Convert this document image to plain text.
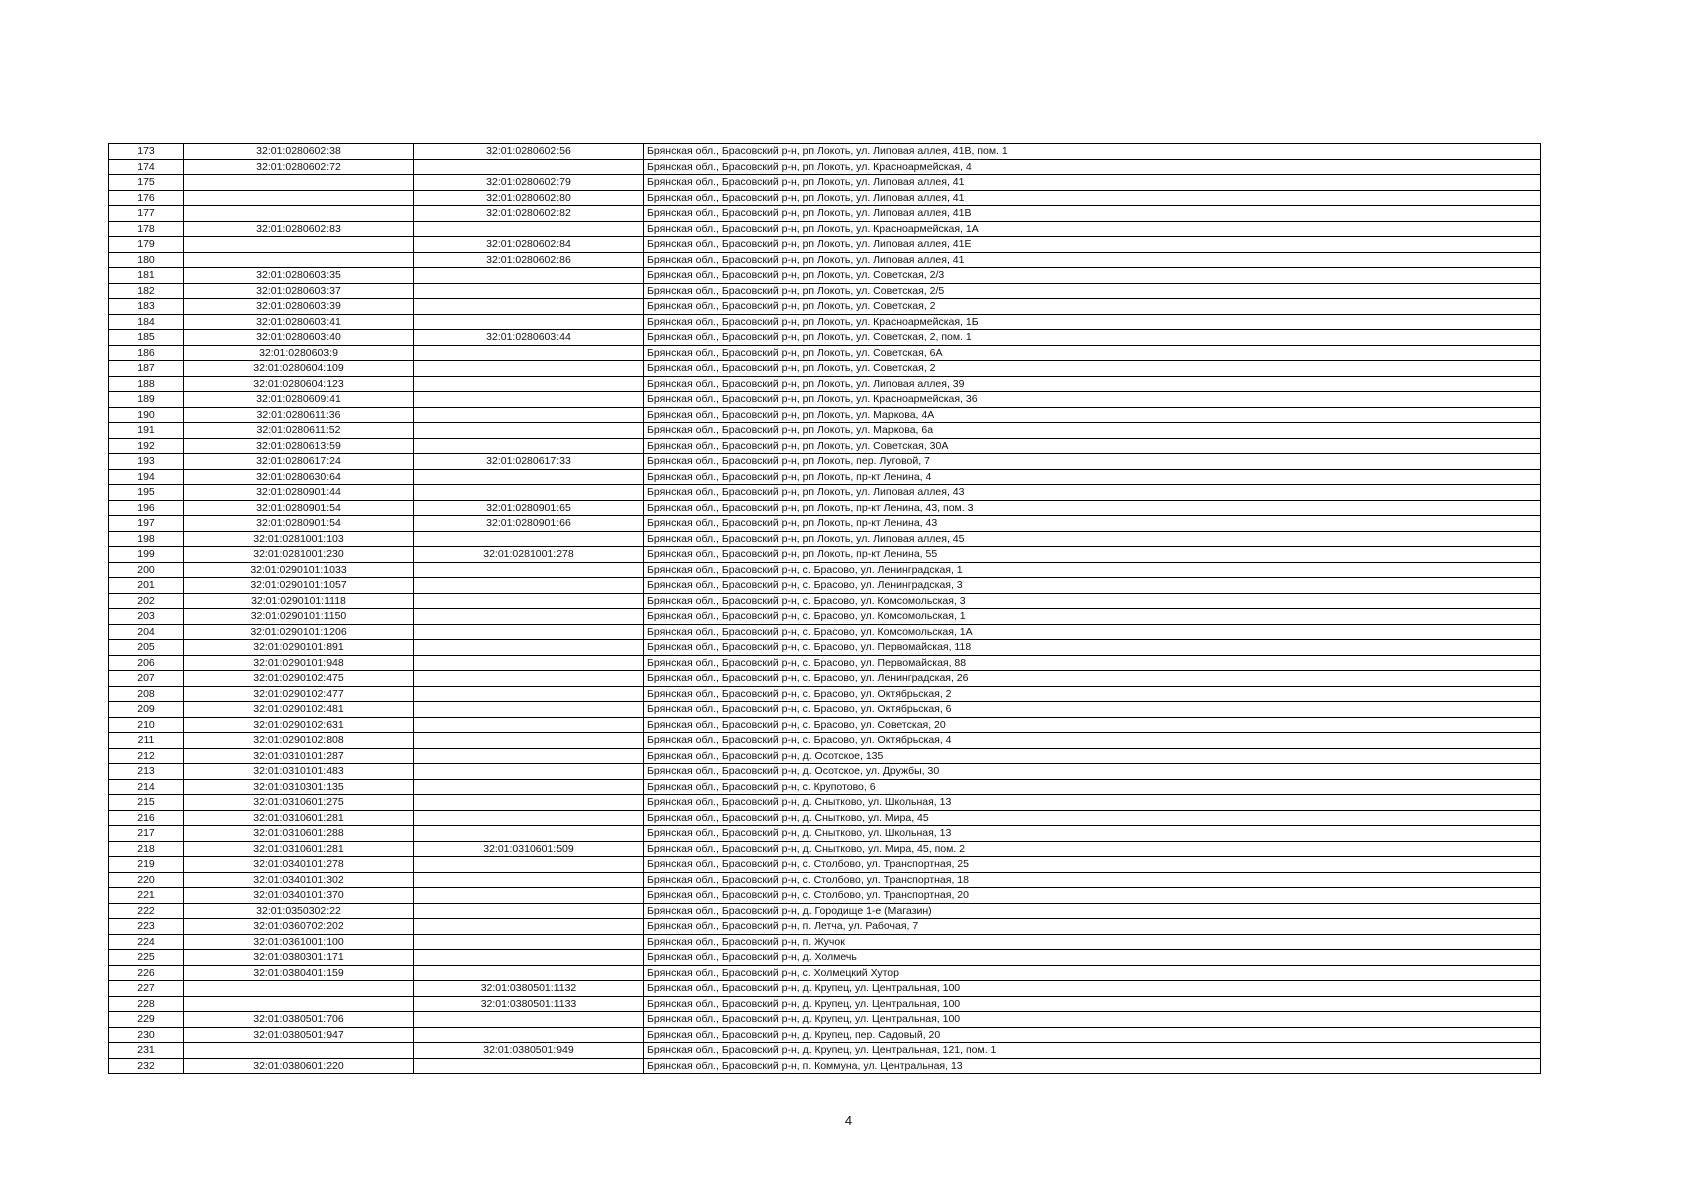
173	32:01:0280602:38	32:01:0280602:56	Брянская обл., Брасовский р-н, рп Локоть, ул. Липовая аллея, 41В, пом. 1
174	32:01:0280602:72		Брянская обл., Брасовский р-н, рп Локоть, ул. Красноармейская, 4
175		32:01:0280602:79	Брянская обл., Брасовский р-н, рп Локоть, ул. Липовая аллея, 41
176		32:01:0280602:80	Брянская обл., Брасовский р-н, рп Локоть, ул. Липовая аллея, 41
177		32:01:0280602:82	Брянская обл., Брасовский р-н, рп Локоть, ул. Липовая аллея, 41В
178	32:01:0280602:83		Брянская обл., Брасовский р-н, рп Локоть, ул. Красноармейская, 1А
179		32:01:0280602:84	Брянская обл., Брасовский р-н, рп Локоть, ул. Липовая аллея, 41Е
180		32:01:0280602:86	Брянская обл., Брасовский р-н, рп Локоть, ул. Липовая аллея, 41
181	32:01:0280603:35		Брянская обл., Брасовский р-н, рп Локоть, ул. Советская, 2/3
182	32:01:0280603:37		Брянская обл., Брасовский р-н, рп Локоть, ул. Советская, 2/5
183	32:01:0280603:39		Брянская обл., Брасовский р-н, рп Локоть, ул. Советская, 2
184	32:01:0280603:41		Брянская обл., Брасовский р-н, рп Локоть, ул. Красноармейская, 1Б
185	32:01:0280603:40	32:01:0280603:44	Брянская обл., Брасовский р-н, рп Локоть, ул. Советская, 2, пом. 1
186	32:01:0280603:9		Брянская обл., Брасовский р-н, рп Локоть, ул. Советская, 6А
187	32:01:0280604:109		Брянская обл., Брасовский р-н, рп Локоть, ул. Советская, 2
188	32:01:0280604:123		Брянская обл., Брасовский р-н, рп Локоть, ул. Липовая аллея, 39
189	32:01:0280609:41		Брянская обл., Брасовский р-н, рп Локоть, ул. Красноармейская, 36
190	32:01:0280611:36		Брянская обл., Брасовский р-н, рп Локоть, ул. Маркова, 4А
191	32:01:0280611:52		Брянская обл., Брасовский р-н, рп Локоть, ул. Маркова, 6а
192	32:01:0280613:59		Брянская обл., Брасовский р-н, рп Локоть, ул. Советская, 30А
193	32:01:0280617:24	32:01:0280617:33	Брянская обл., Брасовский р-н, рп Локоть, пер. Луговой, 7
194	32:01:0280630:64		Брянская обл., Брасовский р-н, рп Локоть, пр-кт Ленина, 4
195	32:01:0280901:44		Брянская обл., Брасовский р-н, рп Локоть, ул. Липовая аллея, 43
196	32:01:0280901:54	32:01:0280901:65	Брянская обл., Брасовский р-н, рп Локоть, пр-кт Ленина, 43, пом. 3
197	32:01:0280901:54	32:01:0280901:66	Брянская обл., Брасовский р-н, рп Локоть, пр-кт Ленина, 43
198	32:01:0281001:103		Брянская обл., Брасовский р-н, рп Локоть, ул. Липовая аллея, 45
199	32:01:0281001:230	32:01:0281001:278	Брянская обл., Брасовский р-н, рп Локоть, пр-кт Ленина, 55
200	32:01:0290101:1033		Брянская обл., Брасовский р-н, с. Брасово, ул. Ленинградская, 1
201	32:01:0290101:1057		Брянская обл., Брасовский р-н, с. Брасово, ул. Ленинградская, 3
202	32:01:0290101:1118		Брянская обл., Брасовский р-н, с. Брасово, ул. Комсомольская, 3
203	32:01:0290101:1150		Брянская обл., Брасовский р-н, с. Брасово, ул. Комсомольская, 1
204	32:01:0290101:1206		Брянская обл., Брасовский р-н, с. Брасово, ул. Комсомольская, 1А
205	32:01:0290101:891		Брянская обл., Брасовский р-н, с. Брасово, ул. Первомайская, 118
206	32:01:0290101:948		Брянская обл., Брасовский р-н, с. Брасово, ул. Первомайская, 88
207	32:01:0290102:475		Брянская обл., Брасовский р-н, с. Брасово, ул. Ленинградская, 26
208	32:01:0290102:477		Брянская обл., Брасовский р-н, с. Брасово, ул. Октябрьская, 2
209	32:01:0290102:481		Брянская обл., Брасовский р-н, с. Брасово, ул. Октябрьская, 6
210	32:01:0290102:631		Брянская обл., Брасовский р-н, с. Брасово, ул. Советская, 20
211	32:01:0290102:808		Брянская обл., Брасовский р-н, с. Брасово, ул. Октябрьская, 4
212	32:01:0310101:287		Брянская обл., Брасовский р-н, д. Осотское, 135
213	32:01:0310101:483		Брянская обл., Брасовский р-н, д. Осотское, ул. Дружбы, 30
214	32:01:0310301:135		Брянская обл., Брасовский р-н, с. Крупотово, 6
215	32:01:0310601:275		Брянская обл., Брасовский р-н, д. Снытково, ул. Школьная, 13
216	32:01:0310601:281		Брянская обл., Брасовский р-н, д. Снытково, ул. Мира, 45
217	32:01:0310601:288		Брянская обл., Брасовский р-н, д. Снытково, ул. Школьная, 13
218	32:01:0310601:281	32:01:0310601:509	Брянская обл., Брасовский р-н, д. Снытково, ул. Мира, 45, пом. 2
219	32:01:0340101:278		Брянская обл., Брасовский р-н, с. Столбово, ул. Транспортная, 25
220	32:01:0340101:302		Брянская обл., Брасовский р-н, с. Столбово, ул. Транспортная, 18
221	32:01:0340101:370		Брянская обл., Брасовский р-н, с. Столбово, ул. Транспортная, 20
222	32:01:0350302:22		Брянская обл., Брасовский р-н, д. Городище 1-е (Магазин)
223	32:01:0360702:202		Брянская обл., Брасовский р-н, п. Летча, ул. Рабочая, 7
224	32:01:0361001:100		Брянская обл., Брасовский р-н, п. Жучок
225	32:01:0380301:171		Брянская обл., Брасовский р-н, д. Холмечь
226	32:01:0380401:159		Брянская обл., Брасовский р-н, с. Холмецкий Хутор
227		32:01:0380501:1132	Брянская обл., Брасовский р-н, д. Крупец, ул. Центральная, 100
228		32:01:0380501:1133	Брянская обл., Брасовский р-н, д. Крупец, ул. Центральная, 100
229	32:01:0380501:706		Брянская обл., Брасовский р-н, д. Крупец, ул. Центральная, 100
230	32:01:0380501:947		Брянская обл., Брасовский р-н, д. Крупец, пер. Садовый, 20
231		32:01:0380501:949	Брянская обл., Брасовский р-н, д. Крупец, ул. Центральная, 121, пом. 1
232	32:01:0380601:220		Брянская обл., Брасовский р-н, п. Коммуна, ул. Центральная, 13
4
